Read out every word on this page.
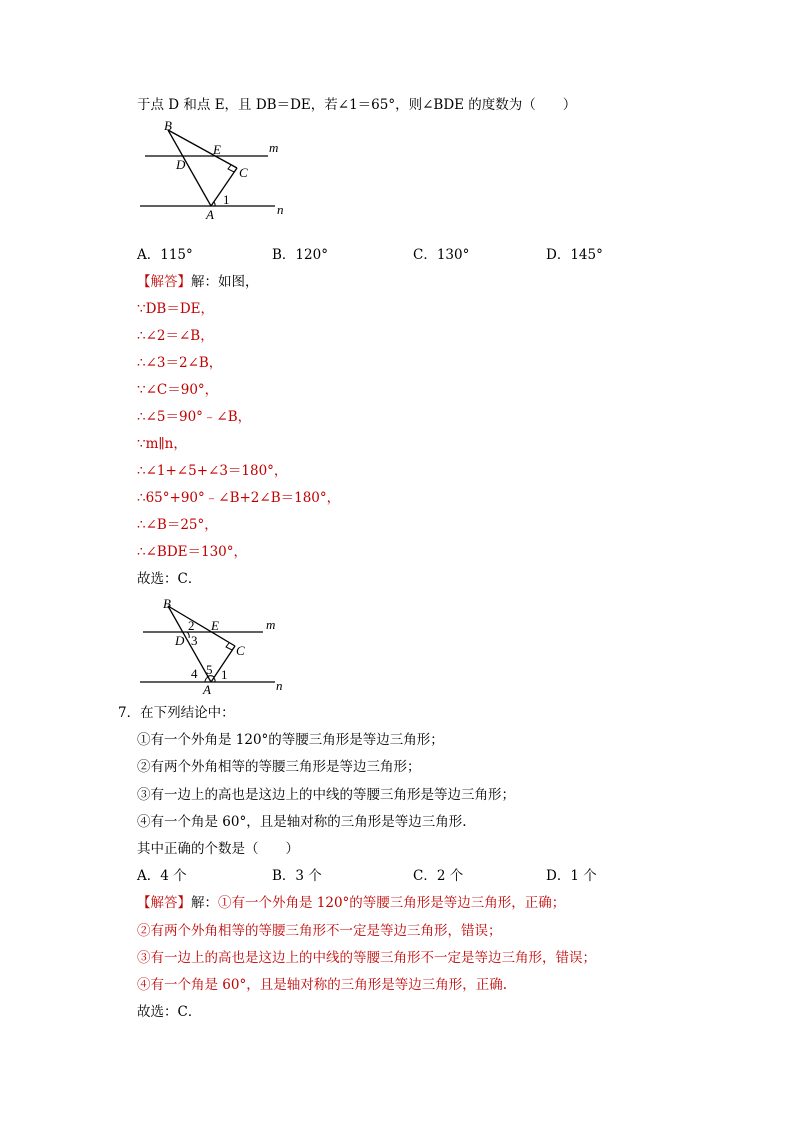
于点 D 和点 E，且 DB＝DE，若∠1＝65°，则∠BDE 的度数为（　　）
B
D
E
C
A
1
m
n
A．115°	B．120°	C．130°	D．145°
【解答】解：如图，
∵DB＝DE，
∴∠2＝∠B，
∴∠3＝2∠B，
∵∠C＝90°，
∴∠5＝90°﹣∠B，
∵m∥n，
∴∠1+∠5+∠3＝180°，
∴65°+90°﹣∠B+2∠B＝180°，
∴∠B＝25°，
∴∠BDE＝130°，
故选：C．
B
2 E
D 3
C
5
4 1
A
m
n
7．在下列结论中：
①有一个外角是 120°的等腰三角形是等边三角形；
②有两个外角相等的等腰三角形是等边三角形；
③有一边上的高也是这边上的中线的等腰三角形是等边三角形；
④有一个角是 60°，且是轴对称的三角形是等边三角形.
其中正确的个数是（　　）
A．4 个	B．3 个	C．2 个	D．1 个
【解答】解：①有一个外角是 120°的等腰三角形是等边三角形，正确；
②有两个外角相等的等腰三角形不一定是等边三角形，错误；
③有一边上的高也是这边上的中线的等腰三角形不一定是等边三角形，错误；
④有一个角是 60°，且是轴对称的三角形是等边三角形，正确.
故选：C．
